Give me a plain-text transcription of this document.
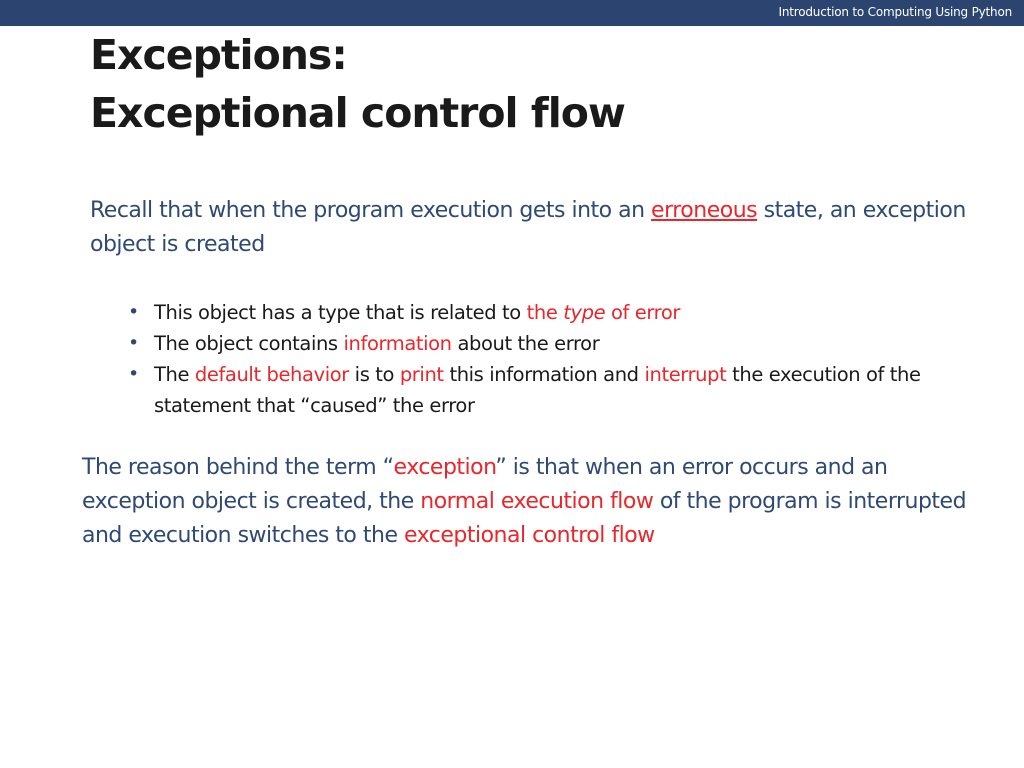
Introduction to Computing Using Python
Exceptions:
Exceptional control flow

Recall that when the program execution gets into an erroneous state, an exception object is created

• This object has a type that is related to the type of error
• The object contains information about the error
• The default behavior is to print this information and interrupt the execution of the statement that “caused” the error

The reason behind the term “exception” is that when an error occurs and an exception object is created, the normal execution flow of the program is interrupted and execution switches to the exceptional control flow
